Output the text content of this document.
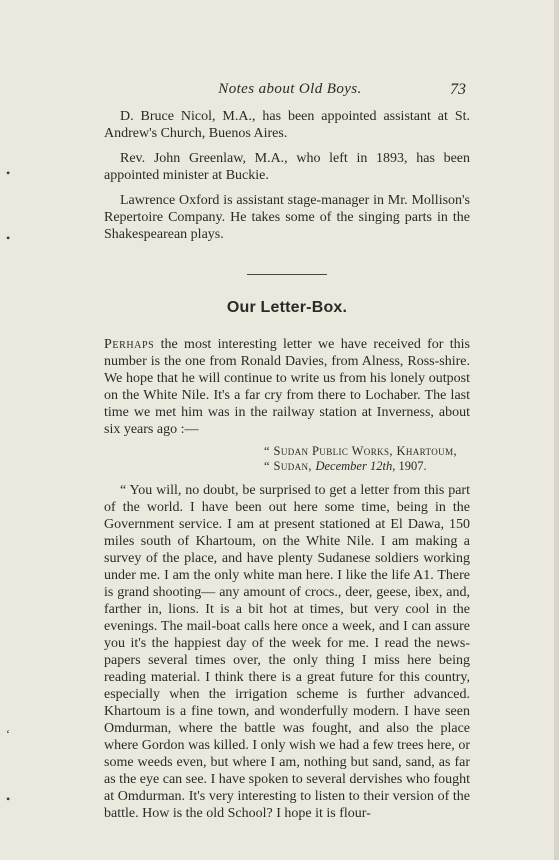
Notes about Old Boys.	73
•
•
‘
•

D. Bruce Nicol, M.A., has been appointed assistant at St. Andrew's Church, Buenos Aires.

Rev. John Greenlaw, M.A., who left in 1893, has been appointed minister at Buckie.

Lawrence Oxford is assistant stage-manager in Mr. Mollison's Repertoire Company. He takes some of the singing parts in the Shakespearean plays.

Our Letter-Box.

Perhaps the most interesting letter we have received for this number is the one from Ronald Davies, from Alness, Ross-shire. We hope that he will continue to write us from his lonely outpost on the White Nile. It's a far cry from there to Lochaber. The last time we met him was in the railway station at Inverness, about six years ago :—

“ Sudan Public Works, Khartoum,
“ Sudan, December 12th, 1907.

“ You will, no doubt, be surprised to get a letter from this part of the world. I have been out here some time, being in the Government service. I am at present stationed at El Dawa, 150 miles south of Khartoum, on the White Nile. I am making a survey of the place, and have plenty Sudanese soldiers working under me. I am the only white man here. I like the life A1. There is grand shooting— any amount of crocs., deer, geese, ibex, and, farther in, lions. It is a bit hot at times, but very cool in the evenings. The mail-boat calls here once a week, and I can assure you it's the happiest day of the week for me. I read the news-papers several times over, the only thing I miss here being reading material. I think there is a great future for this country, especially when the irrigation scheme is further advanced. Khartoum is a fine town, and wonderfully modern. I have seen Omdurman, where the battle was fought, and also the place where Gordon was killed. I only wish we had a few trees here, or some weeds even, but where I am, nothing but sand, sand, as far as the eye can see. I have spoken to several dervishes who fought at Omdurman. It's very interesting to listen to their version of the battle. How is the old School? I hope it is flour-
